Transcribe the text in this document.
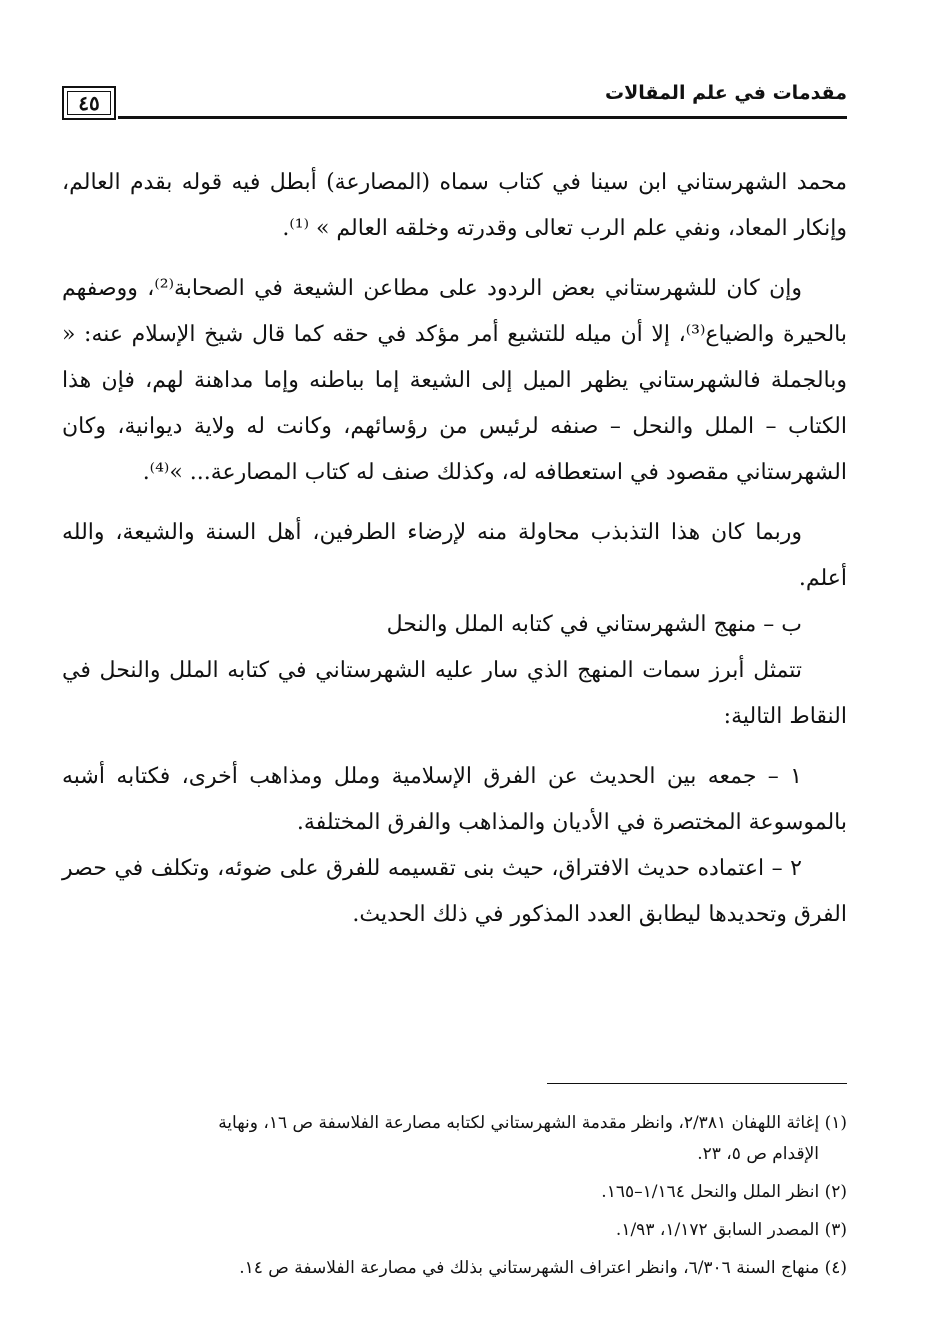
مقدمات في علم المقالات
٤٥

محمد الشهرستاني ابن سينا في كتاب سماه (المصارعة) أبطل فيه قوله بقدم العالم، وإنكار المعاد، ونفي علم الرب تعالى وقدرته وخلقه العالم » ⁽¹⁾.

وإن كان للشهرستاني بعض الردود على مطاعن الشيعة في الصحابة⁽²⁾، ووصفهم بالحيرة والضياع⁽³⁾، إلا أن ميله للتشيع أمر مؤكد في حقه كما قال شيخ الإسلام عنه: « وبالجملة فالشهرستاني يظهر الميل إلى الشيعة إما بباطنه وإما مداهنة لهم، فإن هذا الكتاب – الملل والنحل – صنفه لرئيس من رؤسائهم، وكانت له ولاية ديوانية، وكان الشهرستاني مقصود في استعطافه له، وكذلك صنف له كتاب المصارعة... »⁽⁴⁾.

وربما كان هذا التذبذب محاولة منه لإرضاء الطرفين، أهل السنة والشيعة، والله أعلم.

ب – منهج الشهرستاني في كتابه الملل والنحل

تتمثل أبرز سمات المنهج الذي سار عليه الشهرستاني في كتابه الملل والنحل في النقاط التالية:

١ – جمعه بين الحديث عن الفرق الإسلامية وملل ومذاهب أخرى، فكتابه أشبه بالموسوعة المختصرة في الأديان والمذاهب والفرق المختلفة.

٢ – اعتماده حديث الافتراق، حيث بنى تقسيمه للفرق على ضوئه، وتكلف في حصر الفرق وتحديدها ليطابق العدد المذكور في ذلك الحديث.

(١) إغاثة اللهفان ٢/٣٨١، وانظر مقدمة الشهرستاني لكتابه مصارعة الفلاسفة ص ١٦، ونهاية
الإقدام ص ٥، ٢٣.

(٢) انظر الملل والنحل ١/١٦٤–١٦٥.

(٣) المصدر السابق ١/١٧٢، ١/٩٣.

(٤) منهاج السنة ٦/٣٠٦، وانظر اعتراف الشهرستاني بذلك في مصارعة الفلاسفة ص ١٤.
